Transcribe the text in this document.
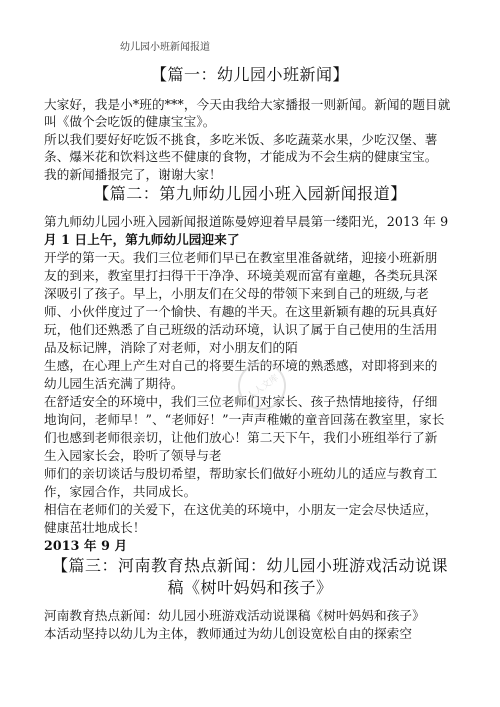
幼儿园小班新闻报道
【篇一：幼儿园小班新闻】
大家好，我是小*班的***，今天由我给大家播报一则新闻。新闻的题目就
叫《做个会吃饭的健康宝宝》。
所以我们要好好吃饭不挑食，多吃米饭、多吃蔬菜水果，少吃汉堡、薯
条、爆米花和饮料这些不健康的食物，才能成为不会生病的健康宝宝。
我的新闻播报完了，谢谢大家！
【篇二：第九师幼儿园小班入园新闻报道】
第九师幼儿园小班入园新闻报道陈曼婷迎着早晨第一缕阳光，2013 年 9
月 1 日上午，第九师幼儿园迎来了
开学的第一天。我们三位老师们早已在教室里准备就绪，迎接小班新朋
友的到来，教室里打扫得干干净净、环境美观而富有童趣，各类玩具深
深吸引了孩子。早上，小朋友们在父母的带领下来到自己的班级,与老
师、小伙伴度过了一个愉快、有趣的半天。在这里新颖有趣的玩具真好
玩，他们还熟悉了自己班级的活动环境，认识了属于自己使用的生活用
品及标记牌，消除了对老师，对小朋友们的陌
生感，在心理上产生对自己的将要生活的环境的熟悉感，对即将到来的
幼儿园生活充满了期待。
在舒适安全的环境中，我们三位老师们对家长、孩子热情地接待，仔细
地询问，老师早！”、“老师好！”一声声稚嫩的童音回荡在教室里，家长
们也感到老师很亲切，让他们放心！第二天下午，我们小班组举行了新
生入园家长会，聆听了领导与老
师们的亲切谈话与殷切希望，帮助家长们做好小班幼儿的适应与教育工
作，家园合作，共同成长。
相信在老师们的关爱下，在这优美的环境中，小朋友一定会尽快适应，
健康茁壮地成长！
2013 年 9 月
【篇三：河南教育热点新闻：幼儿园小班游戏活动说课
稿《树叶妈妈和孩子》
河南教育热点新闻：幼儿园小班游戏活动说课稿《树叶妈妈和孩子》
本活动坚持以幼儿为主体，教师通过为幼儿创设宽松自由的探索空
人人文库
